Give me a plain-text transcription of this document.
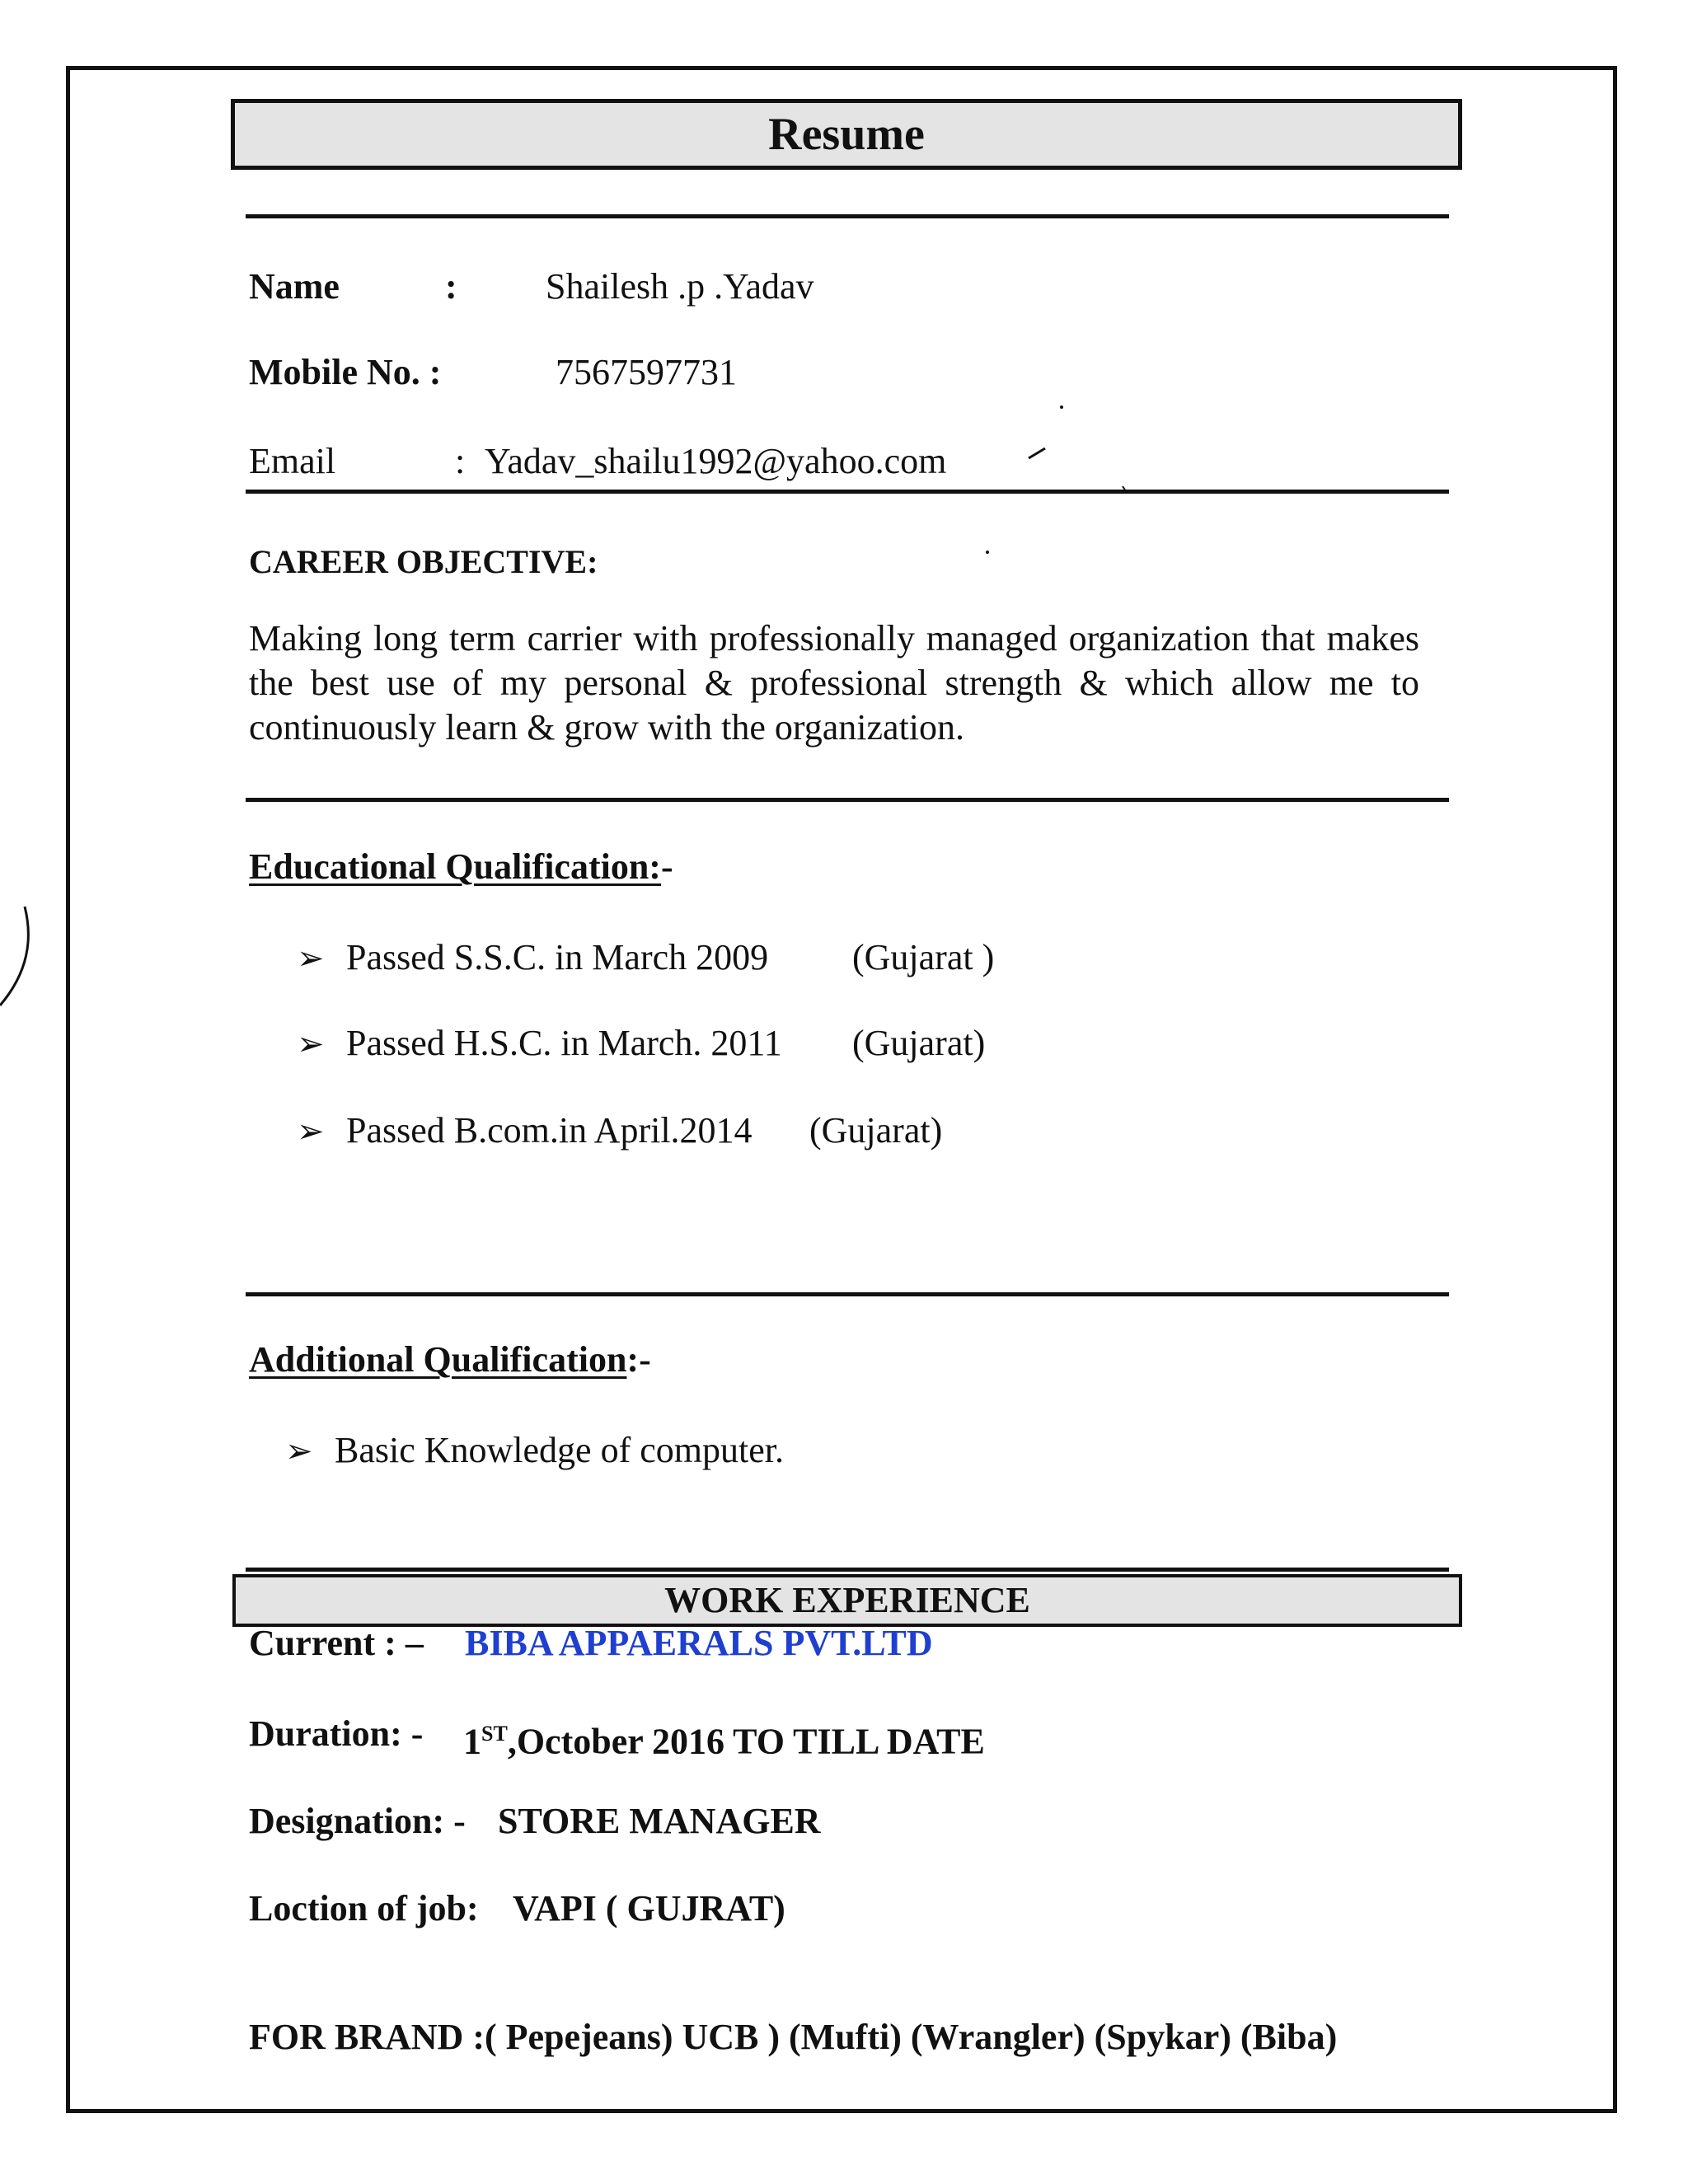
Resume
Name	: Shailesh .p .Yadav
Mobile No. :	7567597731
Email	: Yadav_shailu1992@yahoo.com
CAREER OBJECTIVE:
Making long term carrier with professionally managed organization that makes the best use of my personal & professional strength & which allow me to continuously learn & grow with the organization.
Educational Qualification:-
➢ Passed S.S.C. in March 2009 (Gujarat )
➢ Passed H.S.C. in March. 2011 (Gujarat)
➢ Passed B.com.in April.2014 (Gujarat)
Additional Qualification:-
➢ Basic Knowledge of computer.
WORK EXPERIENCE
Current : – BIBA APPAERALS PVT.LTD
Duration: - 1ST,October 2016 TO TILL DATE
Designation: - STORE MANAGER
Loction of job: VAPI ( GUJRAT)
FOR BRAND :( Pepejeans) UCB ) (Mufti) (Wrangler) (Spykar) (Biba)
